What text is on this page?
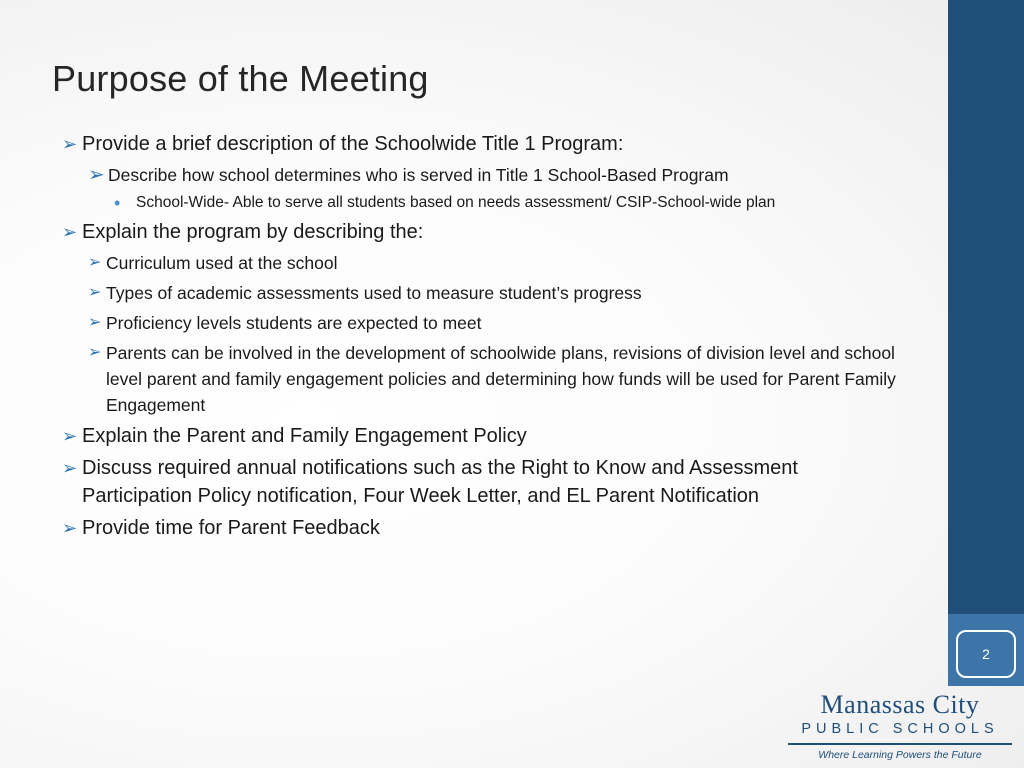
2
Purpose of the Meeting
➢ Provide a brief description of the Schoolwide Title 1 Program:
➢ Describe how school determines who is served in Title 1 School-Based Program
•	School-Wide- Able to serve all students based on needs assessment/ CSIP-School-wide plan
➢ Explain the program by describing the:
➢ Curriculum used at the school
➢ Types of academic assessments used to measure student’s progress
➢ Proficiency levels students are expected to meet
➢ Parents can be involved in the development of schoolwide plans, revisions of division level and school level parent and family engagement policies and determining how funds will be used for Parent Family Engagement
➢ Explain the Parent and Family Engagement Policy
➢ Discuss required annual notifications such as the Right to Know and Assessment Participation Policy notification, Four Week Letter, and EL Parent Notification
➢ Provide time for Parent Feedback
Manassas City
PUBLIC SCHOOLS
Where Learning Powers the Future
